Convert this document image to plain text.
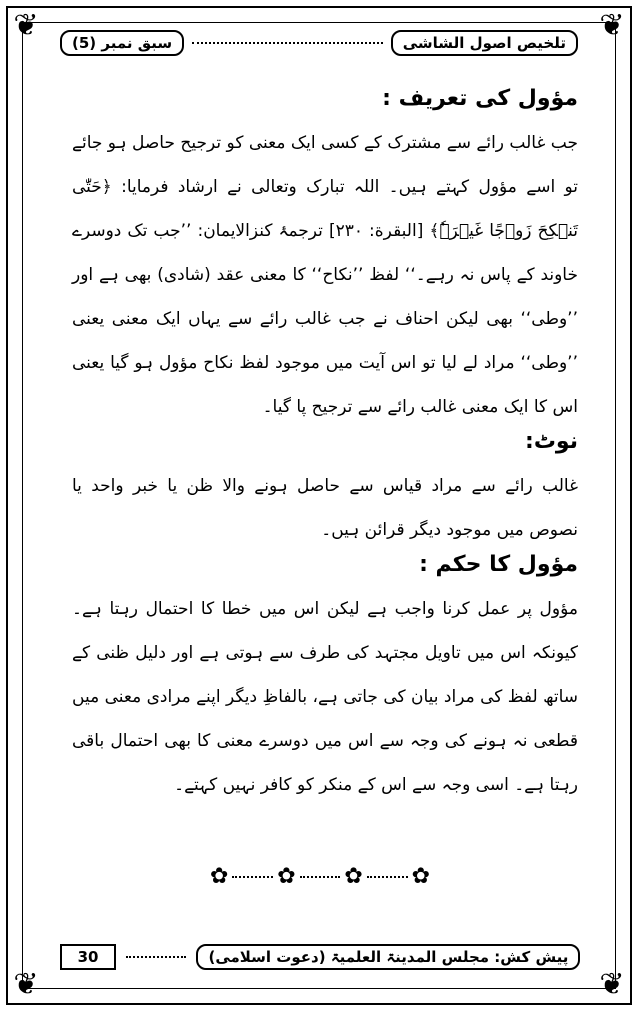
❦	❦
❦	❦
تلخیص اصول الشاشی
سبق نمبر (5)
مؤول کی تعریف :

جب غالب رائے سے مشترک کے کسی ایک معنی کو ترجیح حاصل ہو جائے تو اسے مؤول کہتے ہیں۔ اللہ تبارک وتعالی نے ارشاد فرمایا: ﴿حَتّٰی تَنۡکِحَ زَوۡجًا غَیۡرَہٗ﴾ [البقرة: ۲۳۰] ترجمۂ کنزالایمان: ’’جب تک دوسرے خاوند کے پاس نہ رہے۔‘‘ لفظ ’’نکاح‘‘ کا معنی عقد (شادی) بھی ہے اور ’’وطی‘‘ بھی لیکن احناف نے جب غالب رائے سے یہاں ایک معنی یعنی ’’وطی‘‘ مراد لے لیا تو اس آیت میں موجود لفظ نکاح مؤول ہو گیا یعنی اس کا ایک معنی غالب رائے سے ترجیح پا گیا۔

نوٹ:

غالب رائے سے مراد قیاس سے حاصل ہونے والا ظن یا خبر واحد یا نصوص میں موجود دیگر قرائن ہیں۔

مؤول کا حکم :

مؤول پر عمل کرنا واجب ہے لیکن اس میں خطا کا احتمال رہتا ہے۔ کیونکہ اس میں تاویل مجتہد کی طرف سے ہوتی ہے اور دلیل ظنی کے ساتھ لفظ کی مراد بیان کی جاتی ہے، بالفاظِ دیگر اپنے مرادی معنی میں قطعی نہ ہونے کی وجہ سے اس میں دوسرے معنی کا بھی احتمال باقی رہتا ہے۔ اسی وجہ سے اس کے منکر کو کافر نہیں کہتے۔

✿ ✿ ✿ ✿
پیش کش: مجلس المدینۃ العلمیۃ (دعوت اسلامی)
30
